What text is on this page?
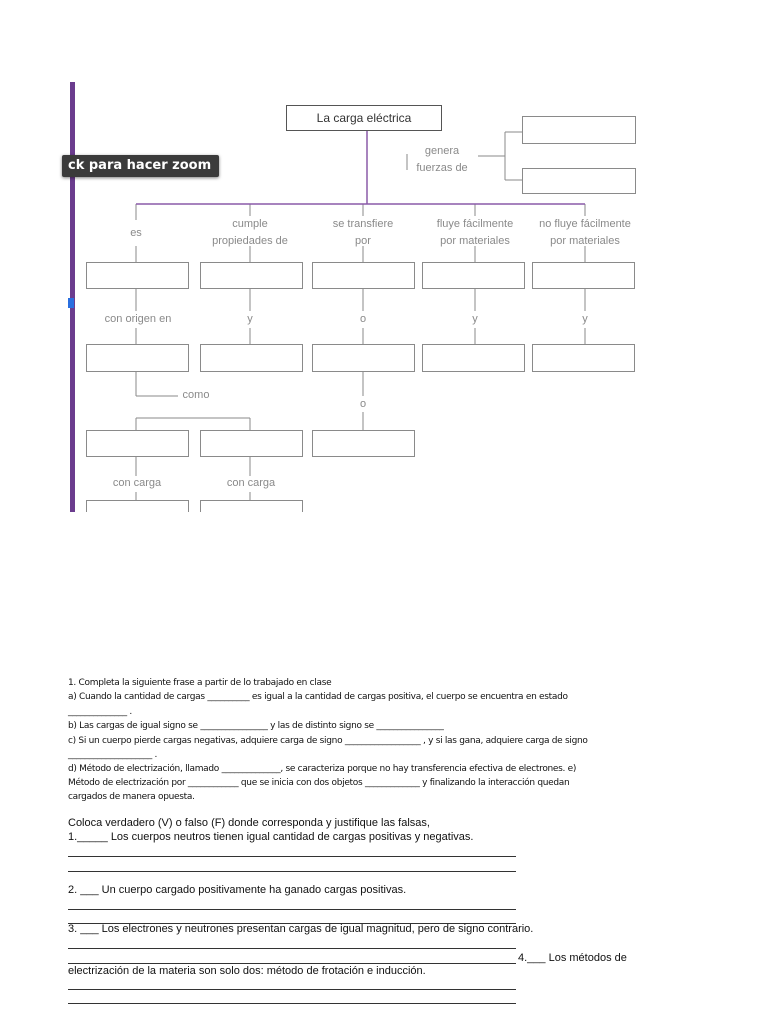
La carga eléctrica
genera
fuerzas de
es
cumple
propiedades de
se transfiere
por
fluye fácilmente
por materiales
no fluye fácilmente
por materiales
con origen en	y	o	y	y
como
o
con carga	con carga
ck para hacer zoom
1. Completa la siguiente frase a partir de lo trabajado en clase
a) Cuando la cantidad de cargas __________ es igual a la cantidad de cargas positiva, el cuerpo se encuentra en estado
______________ .
b) Las cargas de igual signo se ________________ y las de distinto signo se ________________
c) Si un cuerpo pierde cargas negativas, adquiere carga de signo __________________ , y si las gana, adquiere carga de signo
____________________ .
d) Método de electrización, llamado ______________, se caracteriza porque no hay transferencia efectiva de electrones. e)
Método de electrización por ____________ que se inicia con dos objetos _____________ y finalizando la interacción quedan
cargados de manera opuesta.
Coloca verdadero (V) o falso (F) donde corresponda y justifique las falsas,
1._____ Los cuerpos neutros tienen igual cantidad de cargas positivas y negativas.
2. ___ Un cuerpo cargado positivamente ha ganado cargas positivas.
3. ___ Los electrones y neutrones presentan cargas de igual magnitud, pero de signo contrario.
4.___ Los métodos de
electrización de la materia son solo dos: método de frotación e inducción.
